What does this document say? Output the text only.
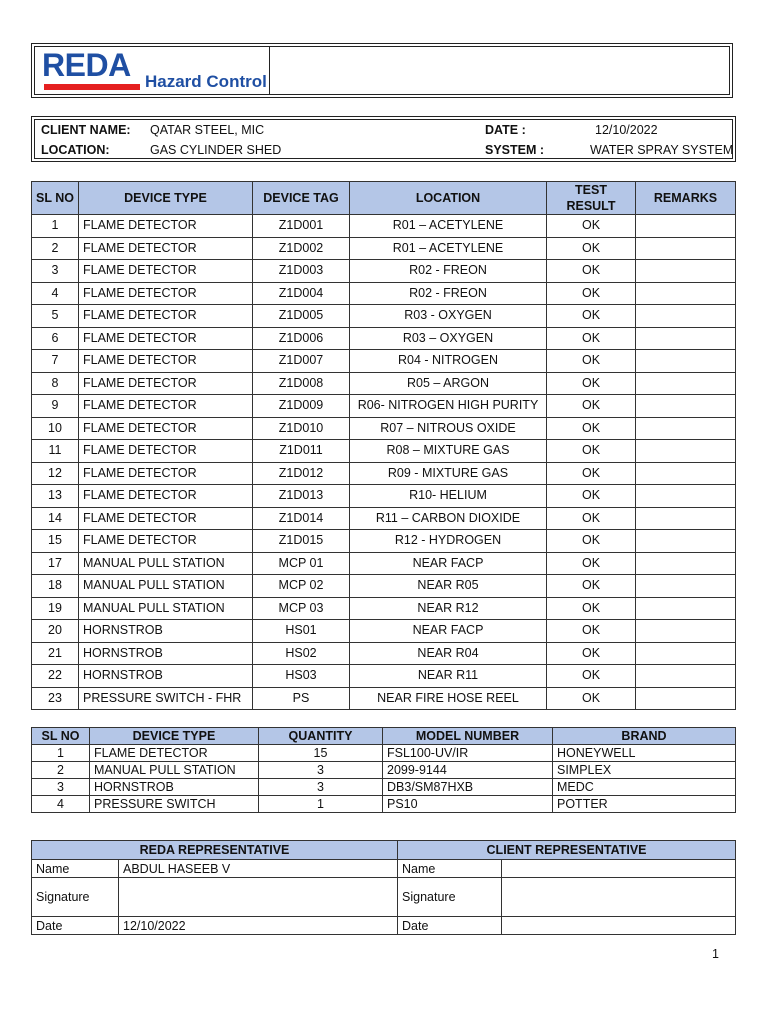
REDA Hazard Control
CLIENT NAME: QATAR STEEL, MIC	DATE :	12/10/2022
LOCATION:	GAS CYLINDER SHED	SYSTEM :	WATER SPRAY SYSTEM
SL NO	DEVICE TYPE	DEVICE TAG	LOCATION	TEST RESULT	REMARKS
1	FLAME DETECTOR	Z1D001	R01 – ACETYLENE	OK	
2	FLAME DETECTOR	Z1D002	R01 – ACETYLENE	OK	
3	FLAME DETECTOR	Z1D003	R02 - FREON	OK	
4	FLAME DETECTOR	Z1D004	R02 - FREON	OK	
5	FLAME DETECTOR	Z1D005	R03 - OXYGEN	OK	
6	FLAME DETECTOR	Z1D006	R03 – OXYGEN	OK	
7	FLAME DETECTOR	Z1D007	R04 - NITROGEN	OK	
8	FLAME DETECTOR	Z1D008	R05 – ARGON	OK	
9	FLAME DETECTOR	Z1D009	R06- NITROGEN HIGH PURITY	OK	
10	FLAME DETECTOR	Z1D010	R07 – NITROUS OXIDE	OK	
11	FLAME DETECTOR	Z1D011	R08 – MIXTURE GAS	OK	
12	FLAME DETECTOR	Z1D012	R09 - MIXTURE GAS	OK	
13	FLAME DETECTOR	Z1D013	R10- HELIUM	OK	
14	FLAME DETECTOR	Z1D014	R11 – CARBON DIOXIDE	OK	
15	FLAME DETECTOR	Z1D015	R12 - HYDROGEN	OK	
17	MANUAL PULL STATION	MCP 01	NEAR FACP	OK	
18	MANUAL PULL STATION	MCP 02	NEAR R05	OK	
19	MANUAL PULL STATION	MCP 03	NEAR R12	OK	
20	HORNSTROB	HS01	NEAR FACP	OK	
21	HORNSTROB	HS02	NEAR R04	OK	
22	HORNSTROB	HS03	NEAR R11	OK	
23	PRESSURE SWITCH - FHR	PS	NEAR FIRE HOSE REEL	OK	
SL NO	DEVICE TYPE	QUANTITY	MODEL NUMBER	BRAND
1	FLAME DETECTOR	15	FSL100-UV/IR	HONEYWELL
2	MANUAL PULL STATION	3	2099-9144	SIMPLEX
3	HORNSTROB	3	DB3/SM87HXB	MEDC
4	PRESSURE SWITCH	1	PS10	POTTER
REDA REPRESENTATIVE		CLIENT REPRESENTATIVE	
Name	ABDUL HASEEB V	Name	
Signature		Signature	
Date	12/10/2022	Date	
1
